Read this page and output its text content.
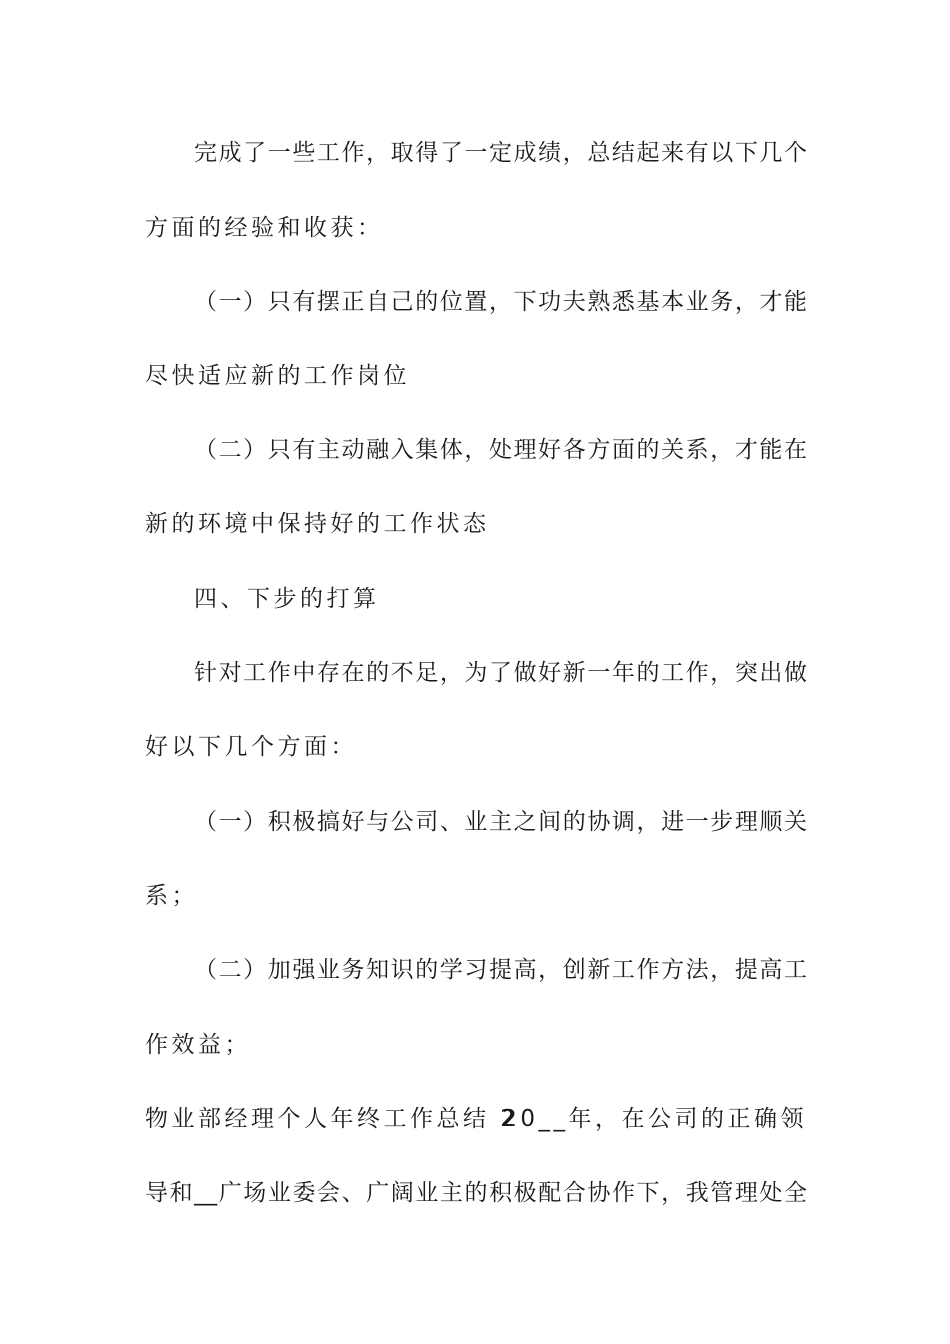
完成了一些工作，取得了一定成绩，总结起来有以下几个
方面的经验和收获：
（一）只有摆正自己的位置，下功夫熟悉基本业务，才能
尽快适应新的工作岗位
（二）只有主动融入集体，处理好各方面的关系，才能在
新的环境中保持好的工作状态
四、下步的打算
针对工作中存在的不足，为了做好新一年的工作，突出做
好以下几个方面：
（一）积极搞好与公司、业主之间的协调，进一步理顺关
系；
（二）加强业务知识的学习提高，创新工作方法，提高工
作效益；
物业部经理个人年终工作总结 2
20__年，在公司的正确领
导和__广场业委会、广阔业主的积极配合协作下，我管理处全
